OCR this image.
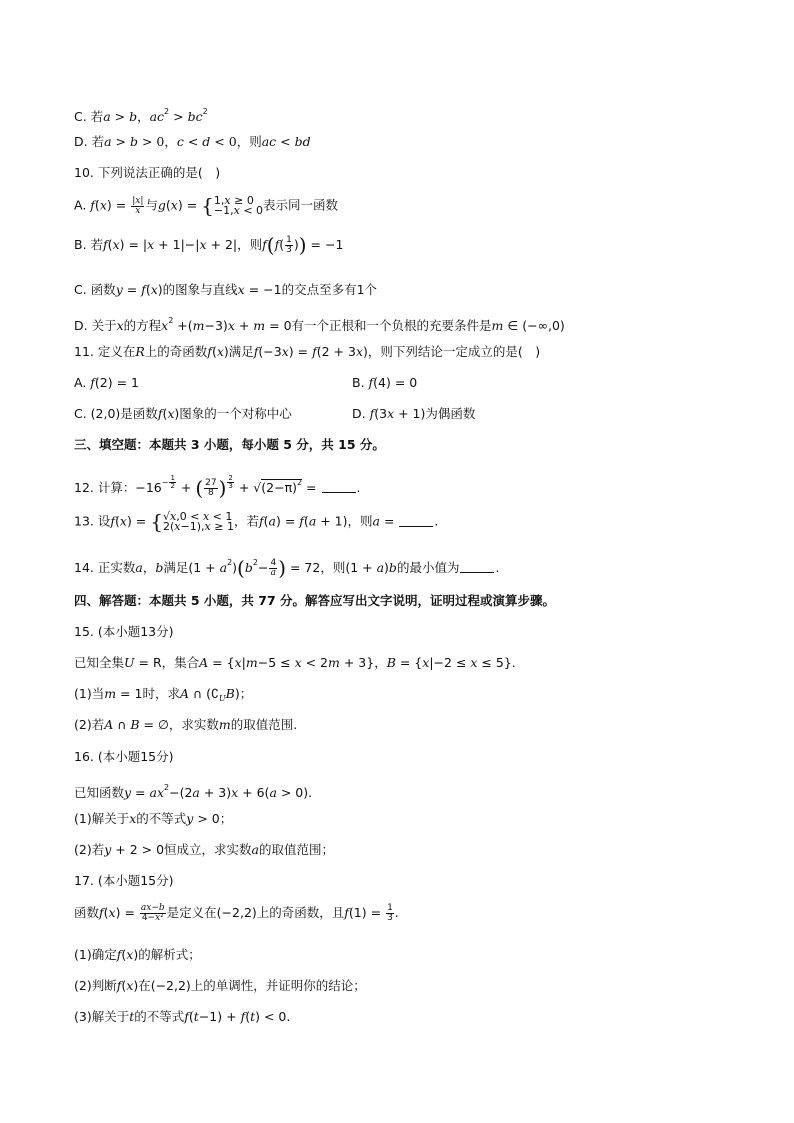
C. 若a > b，$ac^2 > bc^2$
D. 若a > b > 0，c < d < 0，则ac < bd
10. 下列说法正确的是(　)
A. $f(x) = \frac{|x|}{x}$ 与g(x) = {1,x ≥ 0
−1,x < 0表示同一函数
B. 若f(x) = |x + 1|−|x + 2|，则$f(f( \frac{1}{3}$ )) = −1
C. 函数y = f(x)的图象与直线x = −1的交点至多有1个
D. 关于x的方程$x^2 +(m-3)x + m = 0$有一个正根和一个负根的充要条件是m ∈ (−∞,0)
11. 定义在R上的奇函数f(x)满足f(−3x) = f(2 + 3x)，则下列结论一定成立的是(　)
A. f(2) = 1	B. f(4) = 0
C. (2,0)是函数f(x)图象的一个对称中心	D. f(3x + 1)为偶函数
三、填空题：本题共 3 小题，每小题 5 分，共 15 分。
12. 计算：$-16^{- \frac{1}{2}}$ + ( $\frac{27}{8}$ ) $^{\frac{2}{3}} + √(2-\pi)^2$ =	.
13. 设f(x) = {√x,0 < x < 1
2(x−1),x ≥ 1，若f(a) = f(a + 1)，则a =	.
14. 正实数a，b满足$(1 + a^2)(b^2- \frac{4}{a}$ ) = 72，则(1 + a)b的最小值为	.
四、解答题：本题共 5 小题，共 77 分。解答应写出文字说明，证明过程或演算步骤。
15. (本小题13分)
已知全集U = R，集合A = {x|m−5 ≤ x < 2m + 3}，B = {x|−2 ≤ x ≤ 5}.
(1)当m = 1时，求A ∩ $(∁_UB)$；
(2)若A ∩ B = ∅，求实数m的取值范围.
16. (本小题15分)
已知函数$y = ax^2-(2a + 3)x + 6(a > 0)$.
(1)解关于x的不等式y > 0；
(2)若y + 2 > 0恒成立，求实数a的取值范围；
17. (本小题15分)
函数$f(x) = \frac{ax-b}{\text{4−x²}}$ 是定义在(−2,2)上的奇函数，且$f(1) = \frac{1}{3}$ .
(1)确定f(x)的解析式；
(2)判断f(x)在(−2,2)上的单调性，并证明你的结论；
(3)解关于t的不等式f(t−1) + f(t) < 0.
